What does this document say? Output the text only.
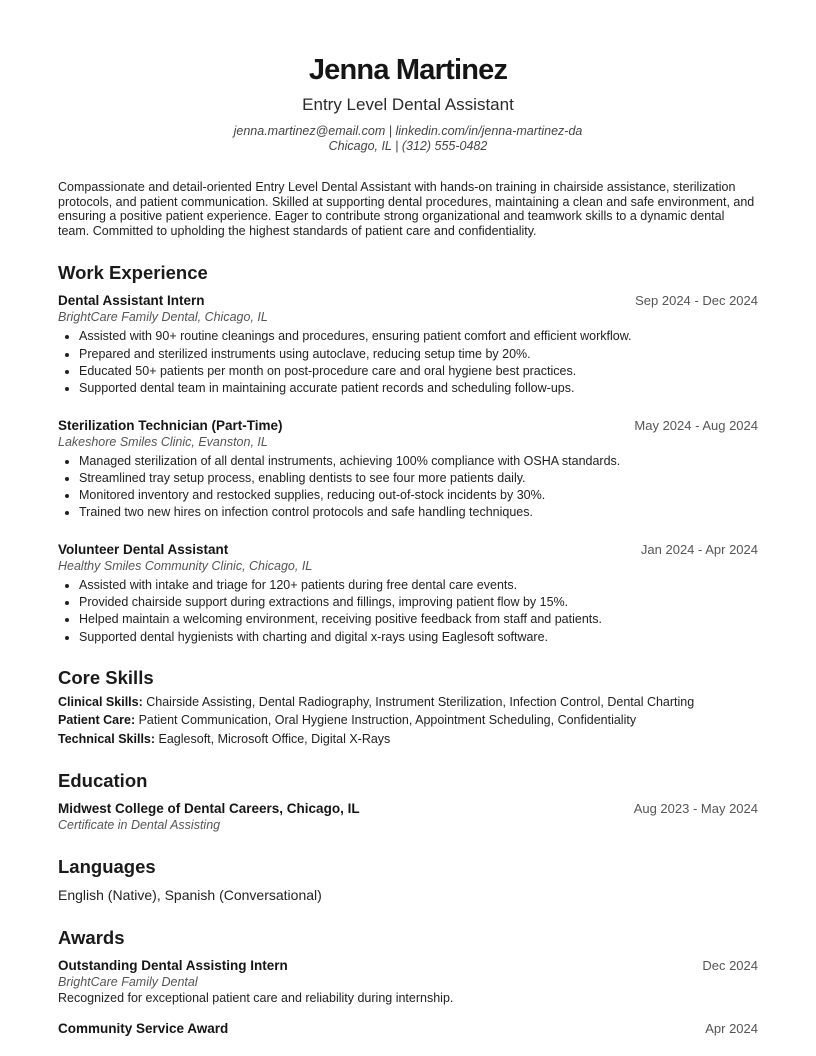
Jenna Martinez
Entry Level Dental Assistant
jenna.martinez@email.com | linkedin.com/in/jenna-martinez-da
Chicago, IL | (312) 555-0482
Compassionate and detail-oriented Entry Level Dental Assistant with hands-on training in chairside assistance, sterilization protocols, and patient communication. Skilled at supporting dental procedures, maintaining a clean and safe environment, and ensuring a positive patient experience. Eager to contribute strong organizational and teamwork skills to a dynamic dental team. Committed to upholding the highest standards of patient care and confidentiality.
Work Experience
Dental Assistant Intern	Sep 2024 - Dec 2024
BrightCare Family Dental, Chicago, IL
• Assisted with 90+ routine cleanings and procedures, ensuring patient comfort and efficient workflow.
• Prepared and sterilized instruments using autoclave, reducing setup time by 20%.
• Educated 50+ patients per month on post-procedure care and oral hygiene best practices.
• Supported dental team in maintaining accurate patient records and scheduling follow-ups.
Sterilization Technician (Part-Time)	May 2024 - Aug 2024
Lakeshore Smiles Clinic, Evanston, IL
• Managed sterilization of all dental instruments, achieving 100% compliance with OSHA standards.
• Streamlined tray setup process, enabling dentists to see four more patients daily.
• Monitored inventory and restocked supplies, reducing out-of-stock incidents by 30%.
• Trained two new hires on infection control protocols and safe handling techniques.
Volunteer Dental Assistant	Jan 2024 - Apr 2024
Healthy Smiles Community Clinic, Chicago, IL
• Assisted with intake and triage for 120+ patients during free dental care events.
• Provided chairside support during extractions and fillings, improving patient flow by 15%.
• Helped maintain a welcoming environment, receiving positive feedback from staff and patients.
• Supported dental hygienists with charting and digital x-rays using Eaglesoft software.
Core Skills
Clinical Skills: Chairside Assisting, Dental Radiography, Instrument Sterilization, Infection Control, Dental Charting
Patient Care: Patient Communication, Oral Hygiene Instruction, Appointment Scheduling, Confidentiality
Technical Skills: Eaglesoft, Microsoft Office, Digital X-Rays
Education
Midwest College of Dental Careers, Chicago, IL	Aug 2023 - May 2024
Certificate in Dental Assisting
Languages
English (Native), Spanish (Conversational)
Awards
Outstanding Dental Assisting Intern	Dec 2024
BrightCare Family Dental
Recognized for exceptional patient care and reliability during internship.
Community Service Award	Apr 2024
